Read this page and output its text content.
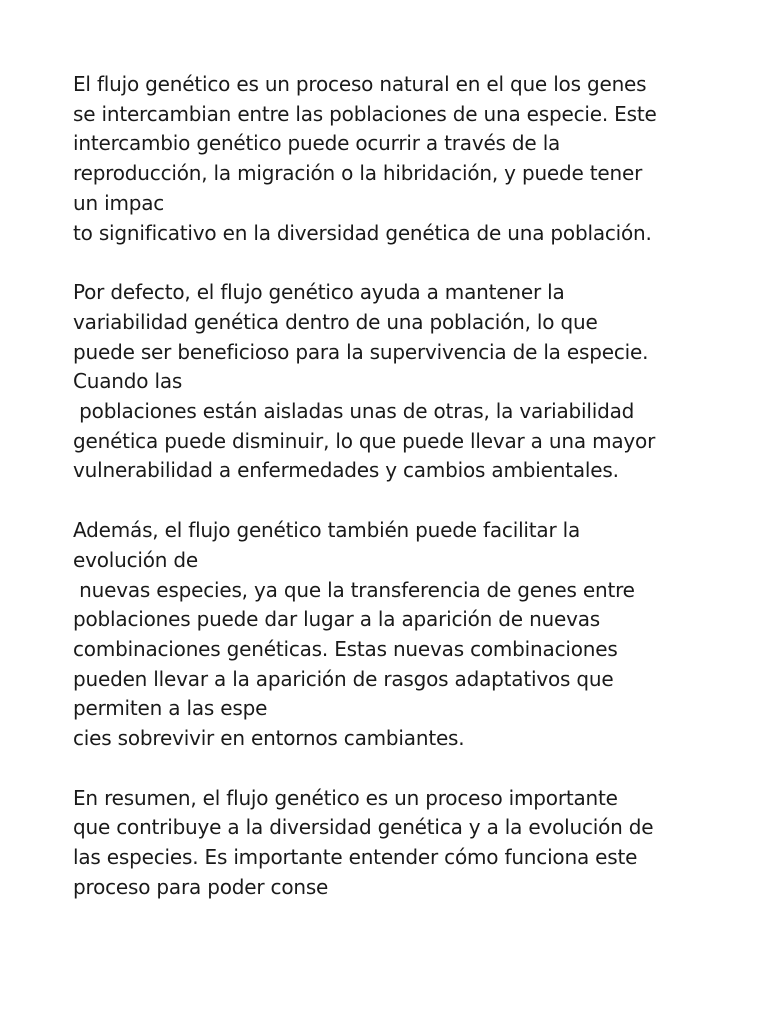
El flujo genético es un proceso natural en el que los genes
se intercambian entre las poblaciones de una especie. Este
intercambio genético puede ocurrir a través de la
reproducción, la migración o la hibridación, y puede tener
un impac
to significativo en la diversidad genética de una población.
Por defecto, el flujo genético ayuda a mantener la
variabilidad genética dentro de una población, lo que
puede ser beneficioso para la supervivencia de la especie.
Cuando las
poblaciones están aisladas unas de otras, la variabilidad
genética puede disminuir, lo que puede llevar a una mayor
vulnerabilidad a enfermedades y cambios ambientales.
Además, el flujo genético también puede facilitar la
evolución de
nuevas especies, ya que la transferencia de genes entre
poblaciones puede dar lugar a la aparición de nuevas
combinaciones genéticas. Estas nuevas combinaciones
pueden llevar a la aparición de rasgos adaptativos que
permiten a las espe
cies sobrevivir en entornos cambiantes.
En resumen, el flujo genético es un proceso importante
que contribuye a la diversidad genética y a la evolución de
las especies. Es importante entender cómo funciona este
proceso para poder conse
